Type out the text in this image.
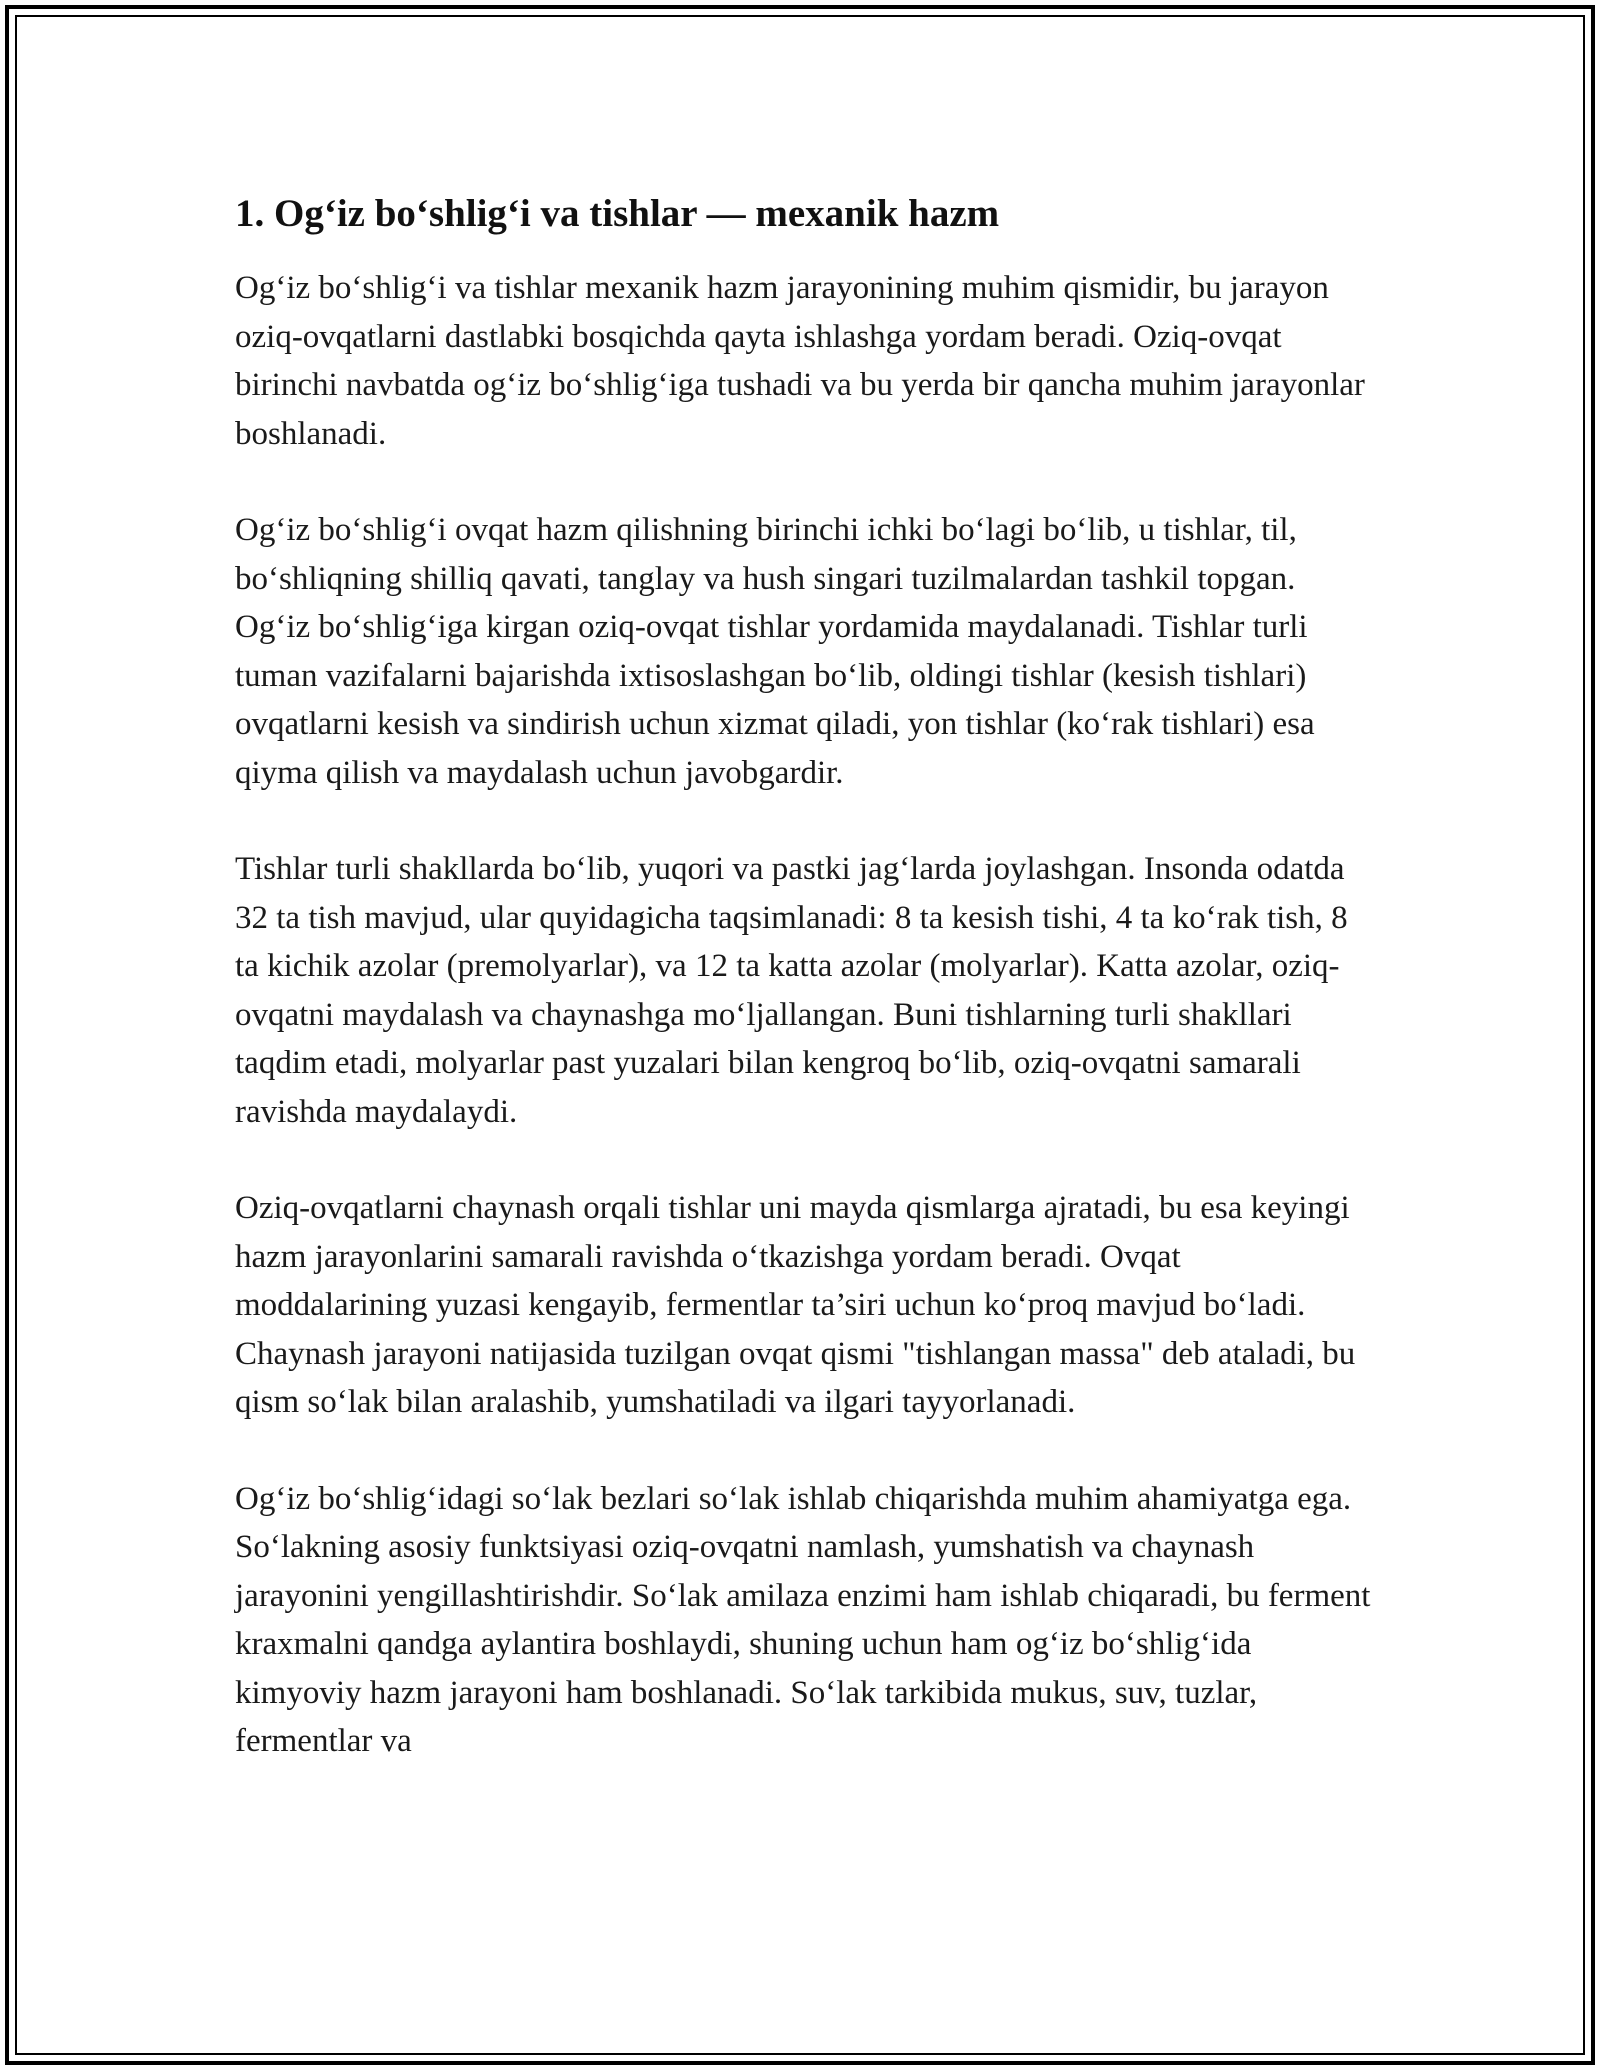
1. Og‘iz bo‘shlig‘i va tishlar — mexanik hazm

Og‘iz bo‘shlig‘i va tishlar mexanik hazm jarayonining muhim qismidir, bu jarayon oziq-ovqatlarni dastlabki bosqichda qayta ishlashga yordam beradi. Oziq-ovqat birinchi navbatda og‘iz bo‘shlig‘iga tushadi va bu yerda bir qancha muhim jarayonlar boshlanadi.

Og‘iz bo‘shlig‘i ovqat hazm qilishning birinchi ichki bo‘lagi bo‘lib, u tishlar, til, bo‘shliqning shilliq qavati, tanglay va hush singari tuzilmalardan tashkil topgan. Og‘iz bo‘shlig‘iga kirgan oziq-ovqat tishlar yordamida maydalanadi. Tishlar turli tuman vazifalarni bajarishda ixtisoslashgan bo‘lib, oldingi tishlar (kesish tishlari) ovqatlarni kesish va sindirish uchun xizmat qiladi, yon tishlar (ko‘rak tishlari) esa qiyma qilish va maydalash uchun javobgardir.

Tishlar turli shakllarda bo‘lib, yuqori va pastki jag‘larda joylashgan. Insonda odatda 32 ta tish mavjud, ular quyidagicha taqsimlanadi: 8 ta kesish tishi, 4 ta ko‘rak tish, 8 ta kichik azolar (premolyarlar), va 12 ta katta azolar (molyarlar). Katta azolar, oziq-ovqatni maydalash va chaynashga mo‘ljallangan. Buni tishlarning turli shakllari taqdim etadi, molyarlar past yuzalari bilan kengroq bo‘lib, oziq-ovqatni samarali ravishda maydalaydi.

Oziq-ovqatlarni chaynash orqali tishlar uni mayda qismlarga ajratadi, bu esa keyingi hazm jarayonlarini samarali ravishda o‘tkazishga yordam beradi. Ovqat moddalarining yuzasi kengayib, fermentlar ta’siri uchun ko‘proq mavjud bo‘ladi. Chaynash jarayoni natijasida tuzilgan ovqat qismi "tishlangan massa" deb ataladi, bu qism so‘lak bilan aralashib, yumshatiladi va ilgari tayyorlanadi.

Og‘iz bo‘shlig‘idagi so‘lak bezlari so‘lak ishlab chiqarishda muhim ahamiyatga ega. So‘lakning asosiy funktsiyasi oziq-ovqatni namlash, yumshatish va chaynash jarayonini yengillashtirishdir. So‘lak amilaza enzimi ham ishlab chiqaradi, bu ferment kraxmalni qandga aylantira boshlaydi, shuning uchun ham og‘iz bo‘shlig‘ida kimyoviy hazm jarayoni ham boshlanadi. So‘lak tarkibida mukus, suv, tuzlar, fermentlar va
